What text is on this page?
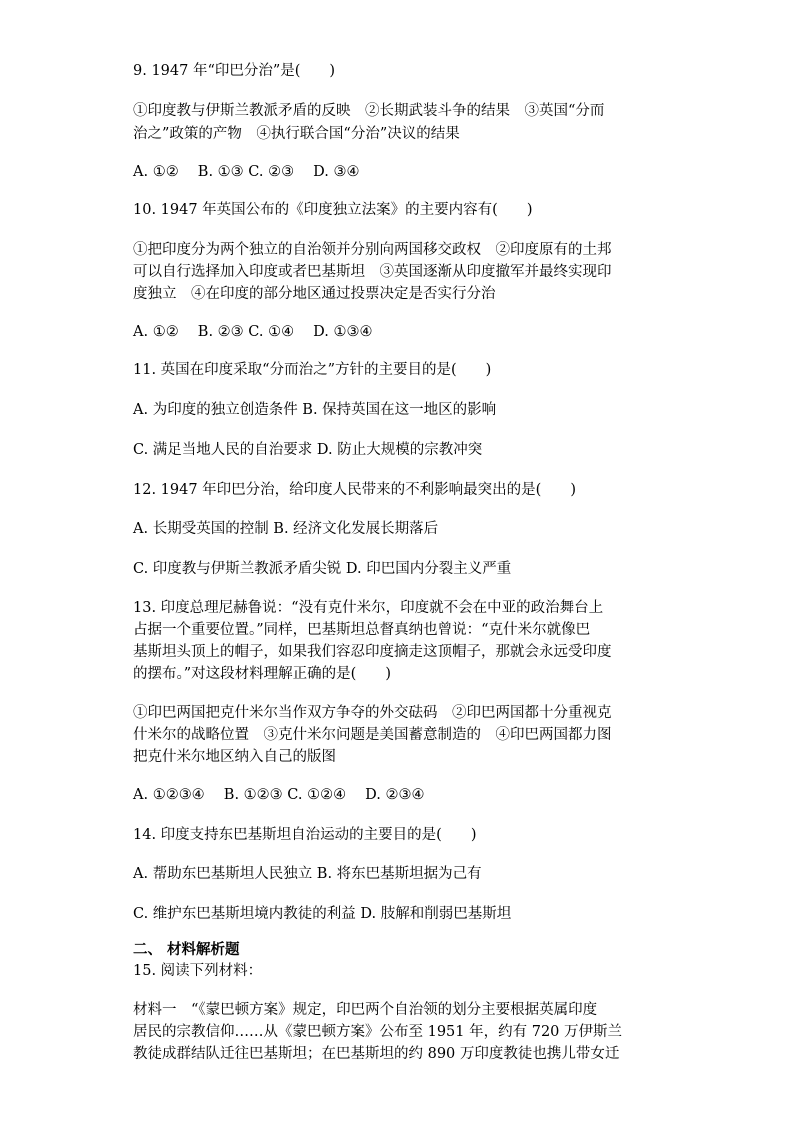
9. 1947 年“印巴分治”是(　　)
①印度教与伊斯兰教派矛盾的反映　②长期武装斗争的结果　③英国“分而
治之”政策的产物　④执行联合国“分治”决议的结果
A. ①②　 B. ①③ C. ②③　 D. ③④
10. 1947 年英国公布的《印度独立法案》的主要内容有(　　)
①把印度分为两个独立的自治领并分别向两国移交政权　②印度原有的土邦
可以自行选择加入印度或者巴基斯坦　③英国逐渐从印度撤军并最终实现印
度独立　④在印度的部分地区通过投票决定是否实行分治
A. ①②　 B. ②③ C. ①④　 D. ①③④
11. 英国在印度采取“分而治之”方针的主要目的是(　　)
A. 为印度的独立创造条件 B. 保持英国在这一地区的影响
C. 满足当地人民的自治要求 D. 防止大规模的宗教冲突
12. 1947 年印巴分治，给印度人民带来的不利影响最突出的是(　　)
A. 长期受英国的控制 B. 经济文化发展长期落后
C. 印度教与伊斯兰教派矛盾尖锐 D. 印巴国内分裂主义严重
13. 印度总理尼赫鲁说：“没有克什米尔，印度就不会在中亚的政治舞台上
占据一个重要位置。”同样，巴基斯坦总督真纳也曾说：“克什米尔就像巴
基斯坦头顶上的帽子，如果我们容忍印度摘走这顶帽子，那就会永远受印度
的摆布。”对这段材料理解正确的是(　　)
①印巴两国把克什米尔当作双方争夺的外交砝码　②印巴两国都十分重视克
什米尔的战略位置　③克什米尔问题是美国蓄意制造的　④印巴两国都力图
把克什米尔地区纳入自己的版图
A. ①②③④　 B. ①②③ C. ①②④　 D. ②③④
14. 印度支持东巴基斯坦自治运动的主要目的是(　　)
A. 帮助东巴基斯坦人民独立 B. 将东巴基斯坦据为己有
C. 维护东巴基斯坦境内教徒的利益 D. 肢解和削弱巴基斯坦
二、 材料解析题
15. 阅读下列材料：
材料一　“《蒙巴顿方案》规定，印巴两个自治领的划分主要根据英属印度
居民的宗教信仰……从《蒙巴顿方案》公布至 1951 年，约有 720 万伊斯兰
教徒成群结队迁往巴基斯坦；在巴基斯坦的约 890 万印度教徒也携儿带女迁
